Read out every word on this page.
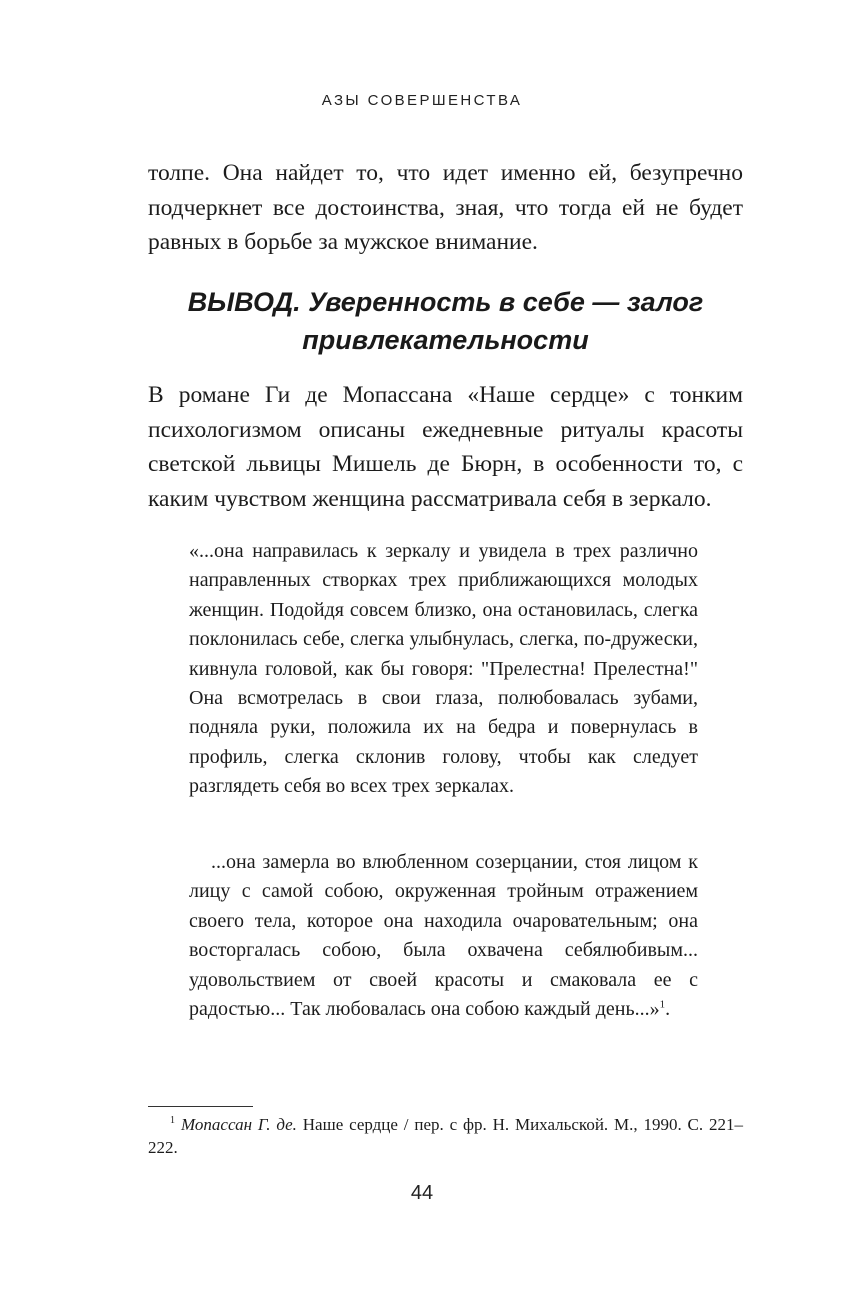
АЗЫ СОВЕРШЕНСТВА

толпе. Она найдет то, что идет именно ей, безупречно подчеркнет все достоинства, зная, что тогда ей не будет равных в борьбе за мужское внимание.

ВЫВОД. Уверенность в себе — залог
привлекательности

В романе Ги де Мопассана «Наше сердце» с тонким психологизмом описаны ежедневные ритуалы красоты светской львицы Мишель де Бюрн, в особенности то, с каким чувством женщина рассматривала себя в зеркало.

«...она направилась к зеркалу и увидела в трех различно направленных створках трех приближающихся молодых женщин. Подойдя совсем близко, она остановилась, слегка поклонилась себе, слегка улыбнулась, слегка, по-дружески, кивнула головой, как бы говоря: "Прелестна! Прелестна!" Она всмотрелась в свои глаза, полюбовалась зубами, подняла руки, положила их на бедра и повернулась в профиль, слегка склонив голову, чтобы как следует разглядеть себя во всех трех зеркалах.

...она замерла во влюбленном созерцании, стоя лицом к лицу с самой собою, окруженная тройным отражением своего тела, которое она находила очаровательным; она восторгалась собою, была охвачена себялюбивым... удовольствием от своей красоты и смаковала ее с радостью... Так любовалась она собою каждый день...»$^1$.

$^1$ Мопассан Г. де. Наше сердце / пер. с фр. Н. Михальской. М., 1990. С. 221–222.

44
